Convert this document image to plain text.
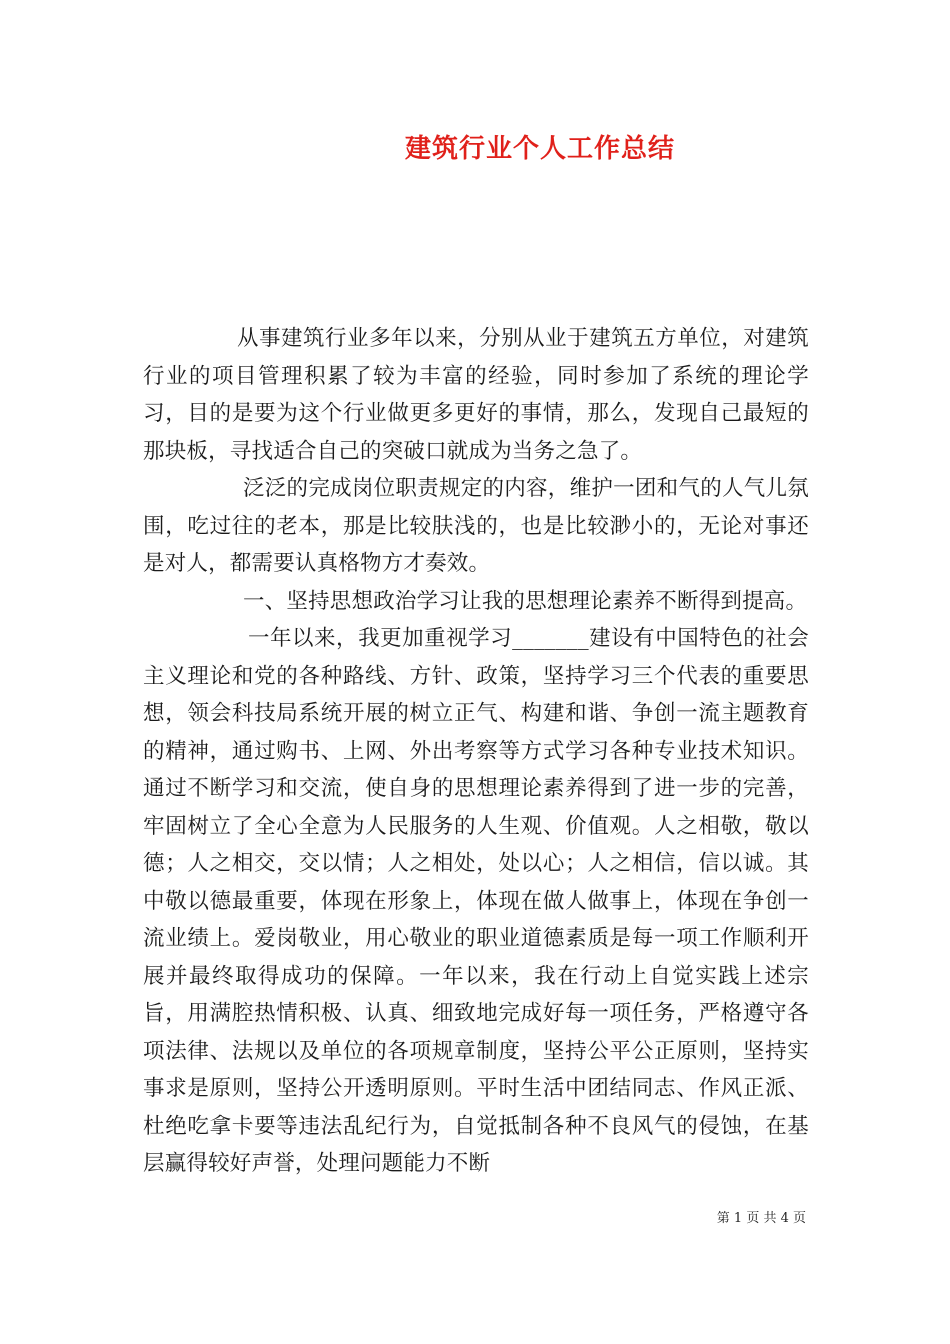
建筑行业个人工作总结

从事建筑行业多年以来，分别从业于建筑五方单位，对建筑行业的项目管理积累了较为丰富的经验，同时参加了系统的理论学习，目的是要为这个行业做更多更好的事情，那么，发现自己最短的那块板，寻找适合自己的突破口就成为当务之急了。

泛泛的完成岗位职责规定的内容，维护一团和气的人气儿氛围，吃过往的老本，那是比较肤浅的，也是比较渺小的，无论对事还是对人，都需要认真格物方才奏效。

一、坚持思想政治学习让我的思想理论素养不断得到提高。

一年以来，我更加重视学习_______建设有中国特色的社会主义理论和党的各种路线、方针、政策，坚持学习三个代表的重要思想，领会科技局系统开展的树立正气、构建和谐、争创一流主题教育的精神，通过购书、上网、外出考察等方式学习各种专业技术知识。通过不断学习和交流，使自身的思想理论素养得到了进一步的完善，牢固树立了全心全意为人民服务的人生观、价值观。人之相敬，敬以德；人之相交，交以情；人之相处，处以心；人之相信，信以诚。其中敬以德最重要，体现在形象上，体现在做人做事上，体现在争创一流业绩上。爱岗敬业，用心敬业的职业道德素质是每一项工作顺利开展并最终取得成功的保障。一年以来，我在行动上自觉实践上述宗旨，用满腔热情积极、认真、细致地完成好每一项任务，严格遵守各项法律、法规以及单位的各项规章制度，坚持公平公正原则，坚持实事求是原则，坚持公开透明原则。平时生活中团结同志、作风正派、杜绝吃拿卡要等违法乱纪行为，自觉抵制各种不良风气的侵蚀，在基层赢得较好声誉，处理问题能力不断

第 1 页 共 4 页
